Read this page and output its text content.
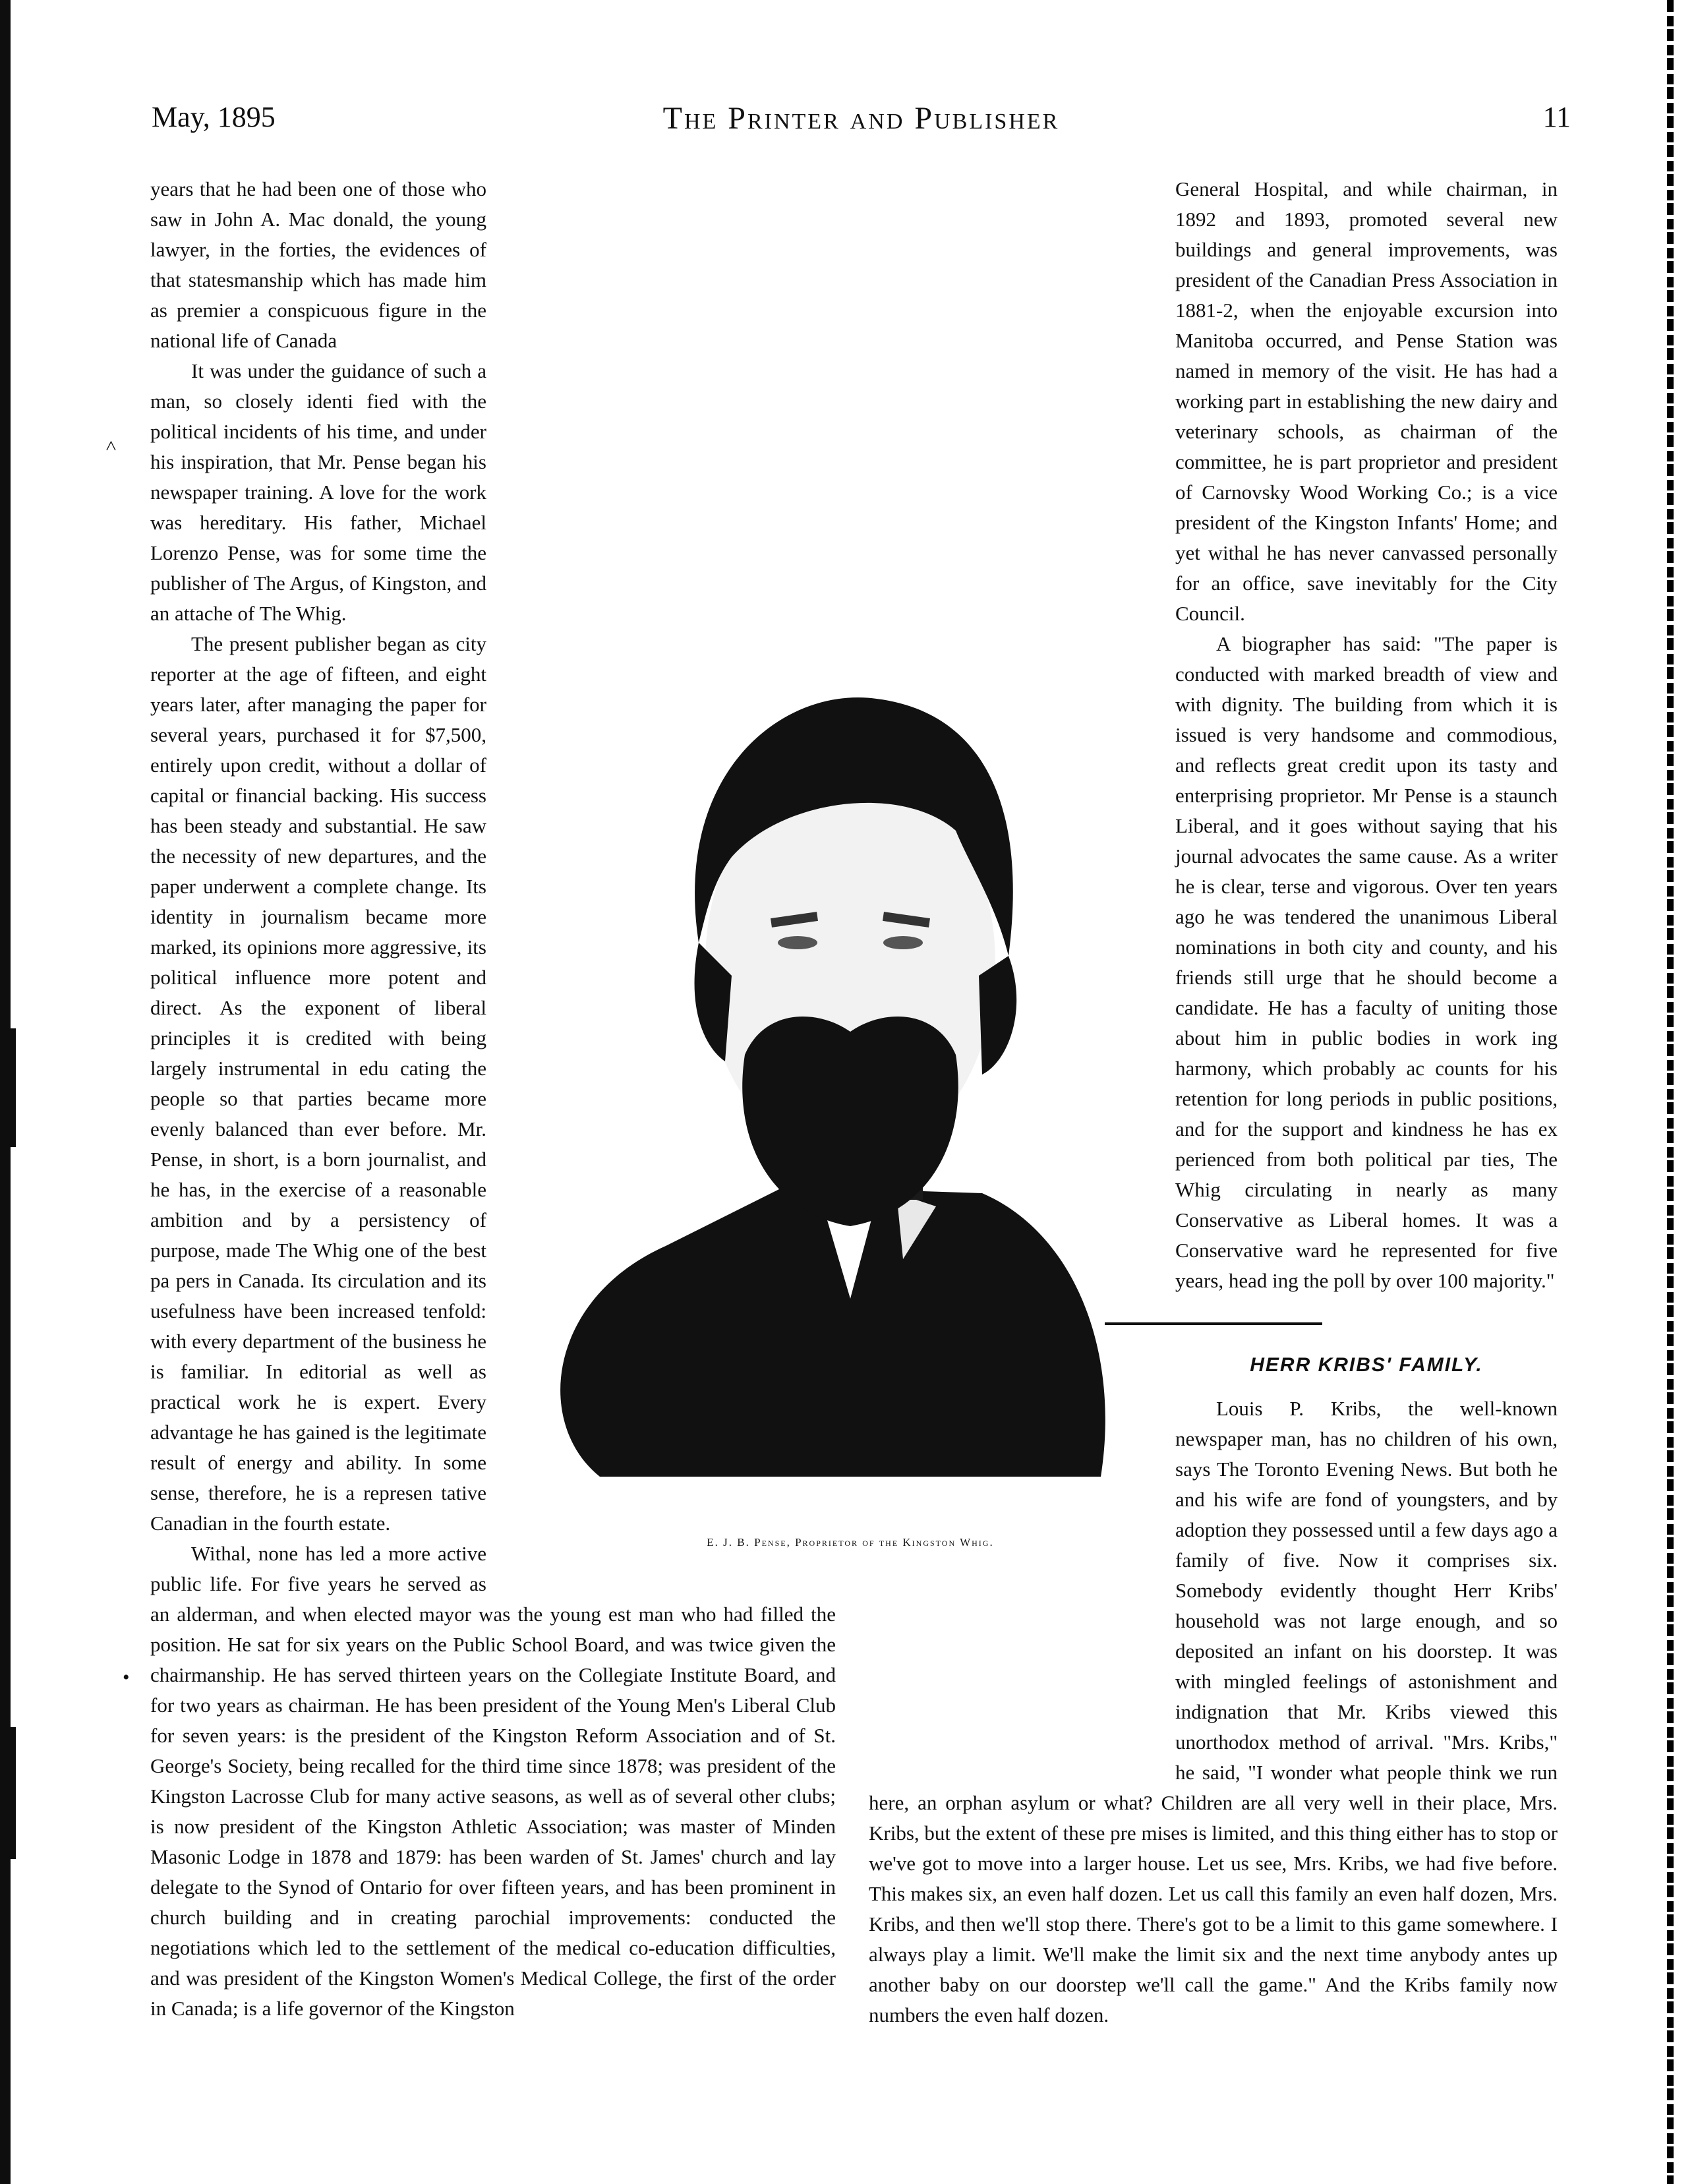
May, 1895	The Printer and Publisher	11
˄
•

years that he had been one of those who saw in John A. Mac donald, the young lawyer, in the forties, the evidences of that statesmanship which has made him as premier a conspicuous figure in the national life of Canada

It was under the guidance of such a man, so closely identi fied with the political incidents of his time, and under his inspiration, that Mr. Pense began his newspaper training. A love for the work was hereditary. His father, Michael Lorenzo Pense, was for some time the publisher of The Argus, of Kingston, and an attache of The Whig.

The present publisher began as city reporter at the age of fifteen, and eight years later, after managing the paper for several years, purchased it for $7,500, entirely upon credit, without a dollar of capital or financial backing. His success has been steady and substantial. He saw the necessity of new departures, and the paper underwent a complete change. Its identity in journalism became more marked, its opinions more aggressive, its political influence more potent and direct. As the exponent of liberal principles it is credited with being largely instrumental in edu cating the people so that parties became more evenly balanced than ever before. Mr. Pense, in short, is a born journalist, and he has, in the exercise of a reasonable ambition and by a persistency of purpose, made The Whig one of the best pa pers in Canada. Its circulation and its usefulness have been increased tenfold: with every department of the business he is familiar. In editorial as well as practical work he is expert. Every advantage he has gained is the legitimate result of energy and ability. In some sense, therefore, he is a represen tative Canadian in the fourth estate.

Withal, none has led a more active public life. For five years he served as an alderman, and when elected mayor was the young est man who had filled the position. He sat for six years on the Public School Board, and was twice given the chairmanship. He has served thirteen years on the Collegiate Institute Board, and for two years as chairman. He has been president of the Young Men's Liberal Club for seven years: is the president of the Kingston Reform Association and of St. George's Society, being recalled for the third time since 1878; was president of the Kingston Lacrosse Club for many active seasons, as well as of several other clubs; is now president of the Kingston Athletic Association; was master of Minden Masonic Lodge in 1878 and 1879: has been warden of St. James' church and lay delegate to the Synod of Ontario for over fifteen years, and has been prominent in church building and in creating parochial improvements: conducted the negotiations which led to the settlement of the medical co-education difficulties, and was president of the Kingston Women's Medical College, the first of the order in Canada; is a life governor of the Kingston

General Hospital, and while chairman, in 1892 and 1893, promoted several new buildings and general improvements, was president of the Canadian Press Association in 1881-2, when the enjoyable excursion into Manitoba occurred, and Pense Station was named in memory of the visit. He has had a working part in establishing the new dairy and veterinary schools, as chairman of the committee, he is part proprietor and president of Carnovsky Wood Working Co.; is a vice president of the Kingston Infants' Home; and yet withal he has never canvassed personally for an office, save inevitably for the City Council.

A biographer has said: "The paper is conducted with marked breadth of view and with dignity. The building from which it is issued is very handsome and commodious, and reflects great credit upon its tasty and enterprising proprietor. Mr Pense is a staunch Liberal, and it goes without saying that his journal advocates the same cause. As a writer he is clear, terse and vigorous. Over ten years ago he was tendered the unanimous Liberal nominations in both city and county, and his friends still urge that he should become a candidate. He has a faculty of uniting those about him in public bodies in work ing harmony, which probably ac counts for his retention for long periods in public positions, and for the support and kindness he has ex perienced from both political par ties, The Whig circulating in nearly as many Conservative as Liberal homes. It was a Conservative ward he represented for five years, head ing the poll by over 100 majority."

HERR KRIBS' FAMILY.

Louis P. Kribs, the well-known newspaper man, has no children of his own, says The Toronto Evening News. But both he and his wife are fond of youngsters, and by adoption they possessed until a few days ago a family of five. Now it comprises six. Somebody evidently thought Herr Kribs' household was not large enough, and so deposited an infant on his doorstep. It was with mingled feelings of astonishment and indignation that Mr. Kribs viewed this unorthodox method of arrival. "Mrs. Kribs," he said, "I wonder what people think we run here, an orphan asylum or what? Children are all very well in their place, Mrs. Kribs, but the extent of these pre mises is limited, and this thing either has to stop or we've got to move into a larger house. Let us see, Mrs. Kribs, we had five before. This makes six, an even half dozen. Let us call this family an even half dozen, Mrs. Kribs, and then we'll stop there. There's got to be a limit to this game somewhere. I always play a limit. We'll make the limit six and the next time anybody antes up another baby on our doorstep we'll call the game." And the Kribs family now numbers the even half dozen.

E. J. B. Pense, Proprietor of the Kingston Whig.
